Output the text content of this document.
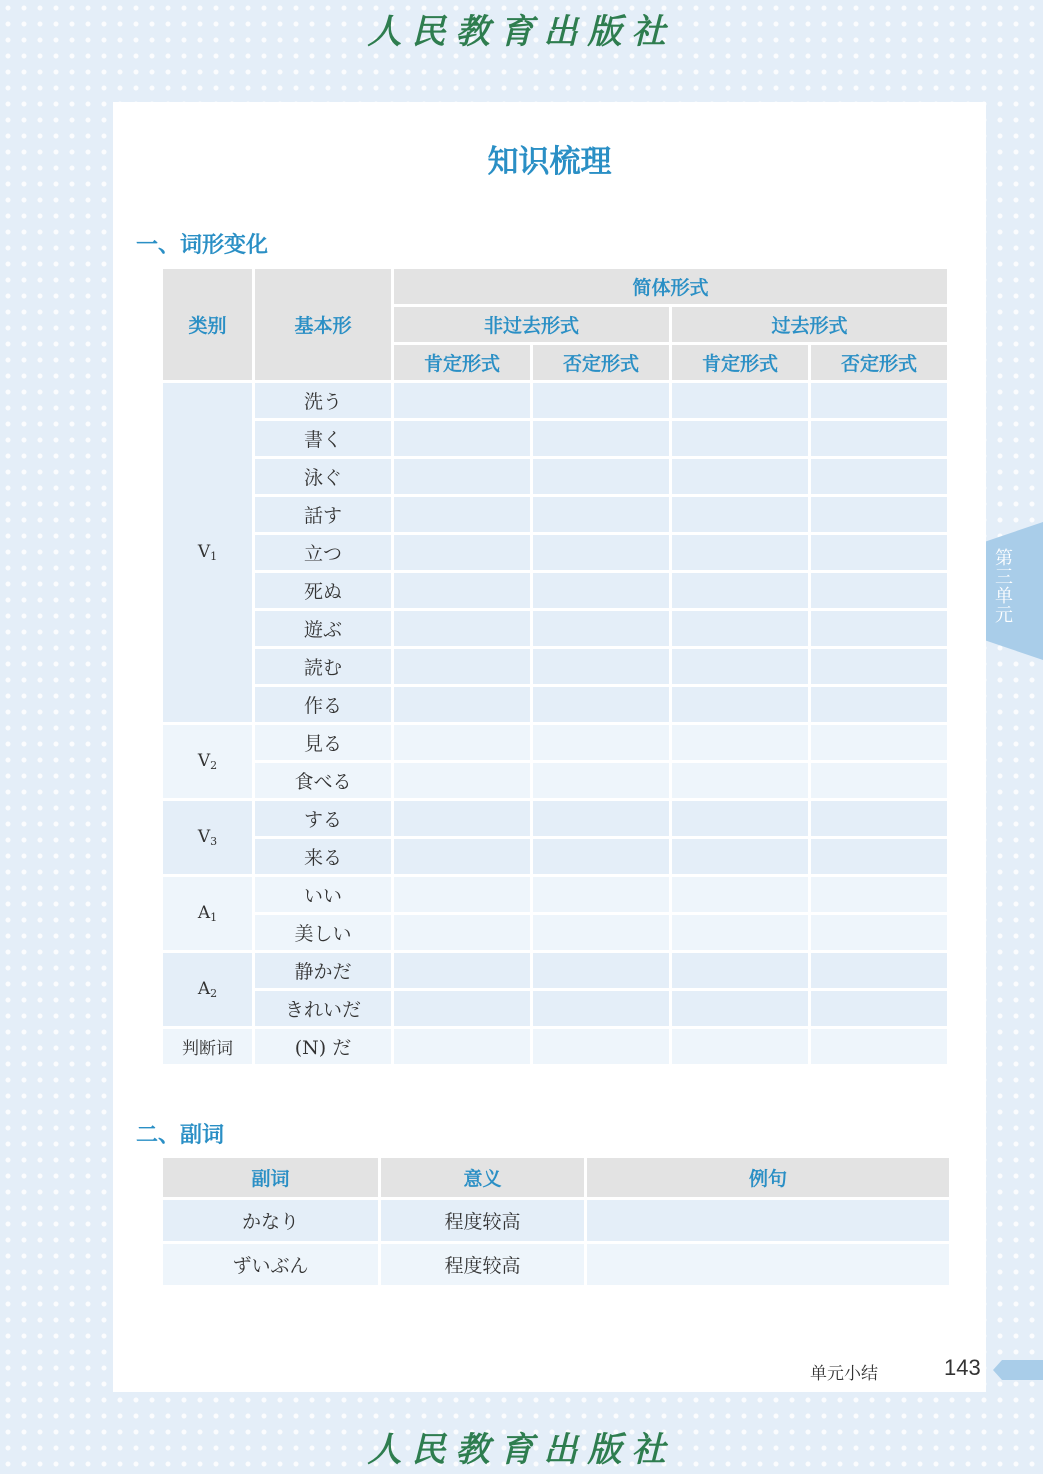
人民教育出版社
知识梳理
一、词形变化
类别	基本形	简体形式			
		非过去形式		过去形式	
		肯定形式	否定形式	肯定形式	否定形式
$V_1$	洗う				
	書く				
	泳ぐ				
	話す				
	立つ				
	死ぬ				
	遊ぶ				
	読む				
	作る				
$V_2$	見る				
	食べる				
$V_3$	する				
	来る				
$A_1$	いい				
	美しい				
$A_2$	静かだ				
	きれいだ				
判断词	(N) だ				
二、副词
副词	意义	例句
かなり	程度较高	
ずいぶん	程度较高	
第三单元
单元小结	143
人民教育出版社
